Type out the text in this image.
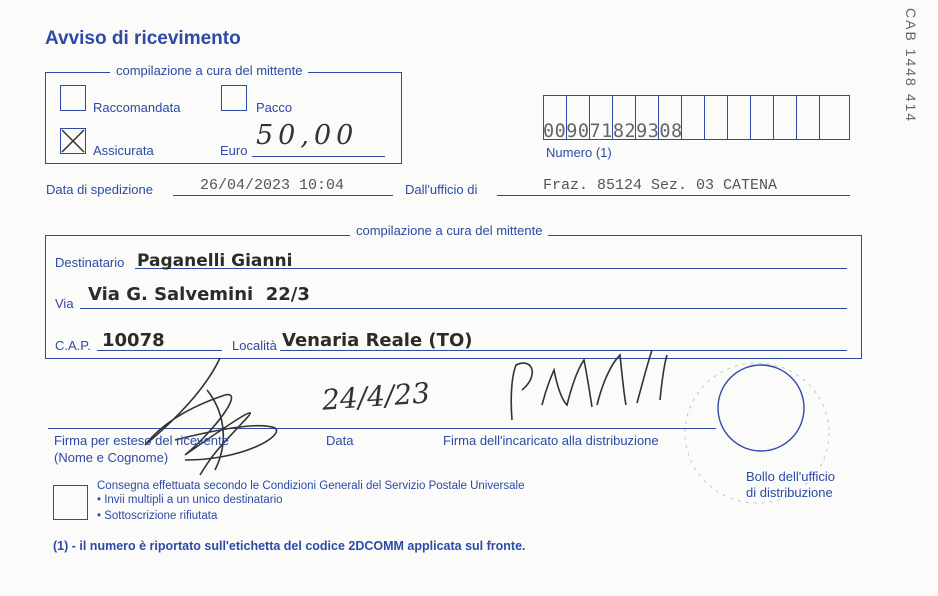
Avviso di ricevimento	CAB 1448 414
compilazione a cura del mittente
Raccomandata	Pacco
Assicurata	Euro 50,00	009071829308
Numero (1)
Data di spedizione	26/04/2023 10:04	Dall'ufficio di	Fraz. 85124 Sez. 03 CATENA
compilazione a cura del mittente
Destinatario Paganelli Gianni
Via Via G. Salvemini  22/3
C.A.P. 10078	Località Venaria Reale (TO)
24/4/23
Firma per esteso del ricevente
(Nome e Cognome)
Data	Firma dell'incaricato alla distribuzione
Bollo dell'ufficio
di distribuzione
Consegna effettuata secondo le Condizioni Generali del Servizio Postale Universale
• Invii multipli a un unico destinatario
• Sottoscrizione rifiutata
(1) - il numero è riportato sull'etichetta del codice 2DCOMM applicata sul fronte.
